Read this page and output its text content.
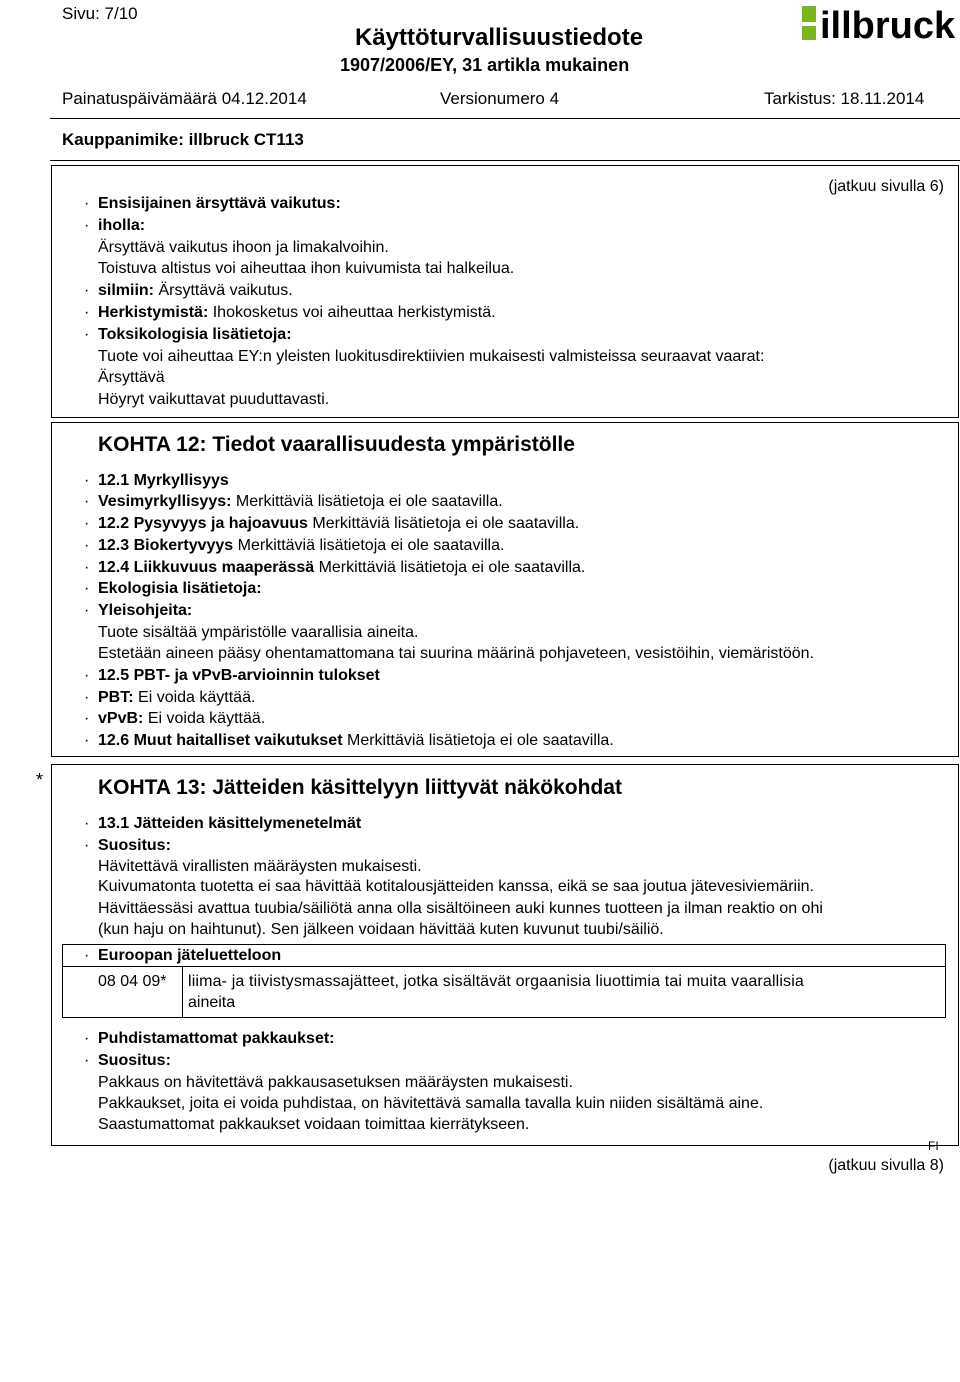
Sivu: 7/10
Käyttöturvallisuustiedote
1907/2006/EY, 31 artikla mukainen
illbruck
Painatuspäivämäärä 04.12.2014	Versionumero 4	Tarkistus: 18.11.2014
Kauppanimike: illbruck CT113
(jatkuu sivulla 6)
· Ensisijainen ärsyttävä vaikutus:
· iholla:
Ärsyttävä vaikutus ihoon ja limakalvoihin.
Toistuva altistus voi aiheuttaa ihon kuivumista tai halkeilua.
· silmiin: Ärsyttävä vaikutus.
· Herkistymistä: Ihokosketus voi aiheuttaa herkistymistä.
· Toksikologisia lisätietoja:
Tuote voi aiheuttaa EY:n yleisten luokitusdirektiivien mukaisesti valmisteissa seuraavat vaarat:
Ärsyttävä
Höyryt vaikuttavat puuduttavasti.
KOHTA 12: Tiedot vaarallisuudesta ympäristölle
· 12.1 Myrkyllisyys
· Vesimyrkyllisyys: Merkittäviä lisätietoja ei ole saatavilla.
· 12.2 Pysyvyys ja hajoavuus Merkittäviä lisätietoja ei ole saatavilla.
· 12.3 Biokertyvyys Merkittäviä lisätietoja ei ole saatavilla.
· 12.4 Liikkuvuus maaperässä Merkittäviä lisätietoja ei ole saatavilla.
· Ekologisia lisätietoja:
· Yleisohjeita:
Tuote sisältää ympäristölle vaarallisia aineita.
Estetään aineen pääsy ohentamattomana tai suurina määrinä pohjaveteen, vesistöihin, viemäristöön.
· 12.5 PBT- ja vPvB-arvioinnin tulokset
· PBT: Ei voida käyttää.
· vPvB: Ei voida käyttää.
· 12.6 Muut haitalliset vaikutukset Merkittäviä lisätietoja ei ole saatavilla.
*	KOHTA 13: Jätteiden käsittelyyn liittyvät näkökohdat
· 13.1 Jätteiden käsittelymenetelmät
· Suositus:
Hävitettävä virallisten määräysten mukaisesti.
Kuivumatonta tuotetta ei saa hävittää kotitalousjätteiden kanssa, eikä se saa joutua jätevesiviemäriin.
Hävittäessäsi avattua tuubia/säiliötä anna olla sisältöineen auki kunnes tuotteen ja ilman reaktio on ohi
(kun haju on haihtunut). Sen jälkeen voidaan hävittää kuten kuvunut tuubi/säiliö.
· Euroopan jäteluetteloon
08 04 09* liima- ja tiivistysmassajätteet, jotka sisältävät orgaanisia liuottimia tai muita vaarallisia
aineita
· Puhdistamattomat pakkaukset:
· Suositus:
Pakkaus on hävitettävä pakkausasetuksen määräysten mukaisesti.
Pakkaukset, joita ei voida puhdistaa, on hävitettävä samalla tavalla kuin niiden sisältämä aine.
Saastumattomat pakkaukset voidaan toimittaa kierrätykseen.
FI
(jatkuu sivulla 8)
